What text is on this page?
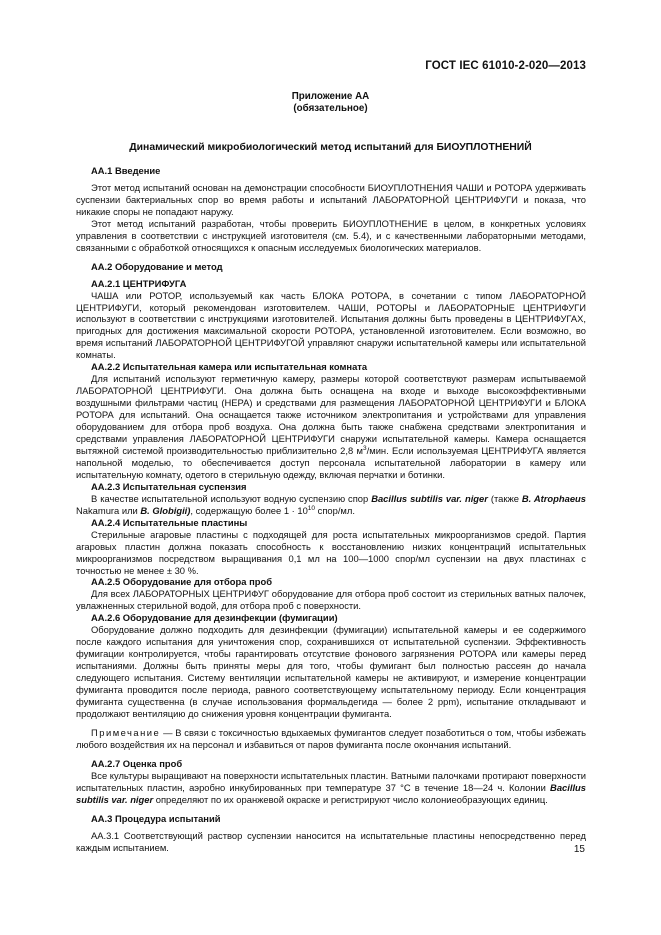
ГОСТ IEC 61010-2-020—2013
Приложение АА
(обязательное)
Динамический микробиологический метод испытаний для БИОУПЛОТНЕНИЙ

АА.1 Введение

Этот метод испытаний основан на демонстрации способности БИОУПЛОТНЕНИЯ ЧАШИ и РОТОРА удерживать суспензии бактериальных спор во время работы и испытаний ЛАБОРАТОРНОЙ ЦЕНТРИФУГИ и показа, что никакие споры не попадают наружу.

Этот метод испытаний разработан, чтобы проверить БИОУПЛОТНЕНИЕ в целом, в конкретных условиях управления в соответствии с инструкцией изготовителя (см. 5.4), и с качественными лабораторными методами, связанными с обработкой относящихся к опасным исследуемых биологических материалов.

АА.2 Оборудование и метод

АА.2.1 ЦЕНТРИФУГА

ЧАША или РОТОР, используемый как часть БЛОКА РОТОРА, в сочетании с типом ЛАБОРАТОРНОЙ ЦЕНТРИФУГИ, который рекомендован изготовителем. ЧАШИ, РОТОРЫ и ЛАБОРАТОРНЫЕ ЦЕНТРИФУГИ используют в соответствии с инструкциями изготовителей. Испытания должны быть проведены в ЦЕНТРИФУГАХ, пригодных для достижения максимальной скорости РОТОРА, установленной изготовителем. Если возможно, во время испытаний ЛАБОРАТОРНОЙ ЦЕНТРИФУГОЙ управляют снаружи испытательной камеры или испытательной комнаты.

АА.2.2 Испытательная камера или испытательная комната

Для испытаний используют герметичную камеру, размеры которой соответствуют размерам испытываемой ЛАБОРАТОРНОЙ ЦЕНТРИФУГИ. Она должна быть оснащена на входе и выходе высокоэффективными воздушными фильтрами частиц (HEPA) и средствами для размещения ЛАБОРАТОРНОЙ ЦЕНТРИФУГИ и БЛОКА РОТОРА для испытаний. Она оснащается также источником электропитания и устройствами для управления оборудованием для отбора проб воздуха. Она должна быть также снабжена средствами электропитания и средствами управления ЛАБОРАТОРНОЙ ЦЕНТРИФУГИ снаружи испытательной камеры. Камера оснащается вытяжной системой производительностью приблизительно 2,8 $м^3$/мин. Если используемая ЦЕНТРИФУГА является напольной моделью, то обеспечивается доступ персонала испытательной лаборатории в камеру или испытательную комнату, одетого в стерильную одежду, включая перчатки и ботинки.

АА.2.3 Испытательная суспензия

В качестве испытательной используют водную суспензию спор Bacillus subtilis var. niger (также B. Atrophaeus Nakamura или B. Globigii), содержащую более $1 \cdot 10^{10}$ спор/мл.

АА.2.4 Испытательные пластины

Стерильные агаровые пластины с подходящей для роста испытательных микроорганизмов средой. Партия агаровых пластин должна показать способность к восстановлению низких концентраций испытательных микроорганизмов посредством выращивания 0,1 мл на 100—1000 спор/мл суспензии на двух пластинах с точностью не менее ± 30 %.

АА.2.5 Оборудование для отбора проб

Для всех ЛАБОРАТОРНЫХ ЦЕНТРИФУГ оборудование для отбора проб состоит из стерильных ватных палочек, увлажненных стерильной водой, для отбора проб с поверхности.

АА.2.6 Оборудование для дезинфекции (фумигации)

Оборудование должно подходить для дезинфекции (фумигации) испытательной камеры и ее содержимого после каждого испытания для уничтожения спор, сохранившихся от испытательной суспензии. Эффективность фумигации контролируется, чтобы гарантировать отсутствие фонового загрязнения РОТОРА или камеры перед испытаниями. Должны быть приняты меры для того, чтобы фумигант был полностью рассеян до начала следующего испытания. Систему вентиляции испытательной камеры не активируют, и измерение концентрации фумиганта проводится после периода, равного соответствующему испытательному периоду. Если концентрация фумиганта существенна (в случае использования формальдегида — более 2 ppm), испытание откладывают и продолжают вентиляцию до снижения уровня концентрации фумиганта.

Примечание — В связи с токсичностью вдыхаемых фумигантов следует позаботиться о том, чтобы избежать любого воздействия их на персонал и избавиться от паров фумиганта после окончания испытаний.

АА.2.7 Оценка проб

Все культуры выращивают на поверхности испытательных пластин. Ватными палочками протирают поверхности испытательных пластин, аэробно инкубированных при температуре 37 °C в течение 18—24 ч. Колонии Bacillus subtilis var. niger определяют по их оранжевой окраске и регистрируют число колониеобразующих единиц.

АА.3 Процедура испытаний

АА.3.1 Соответствующий раствор суспензии наносится на испытательные пластины непосредственно перед каждым испытанием.	15
